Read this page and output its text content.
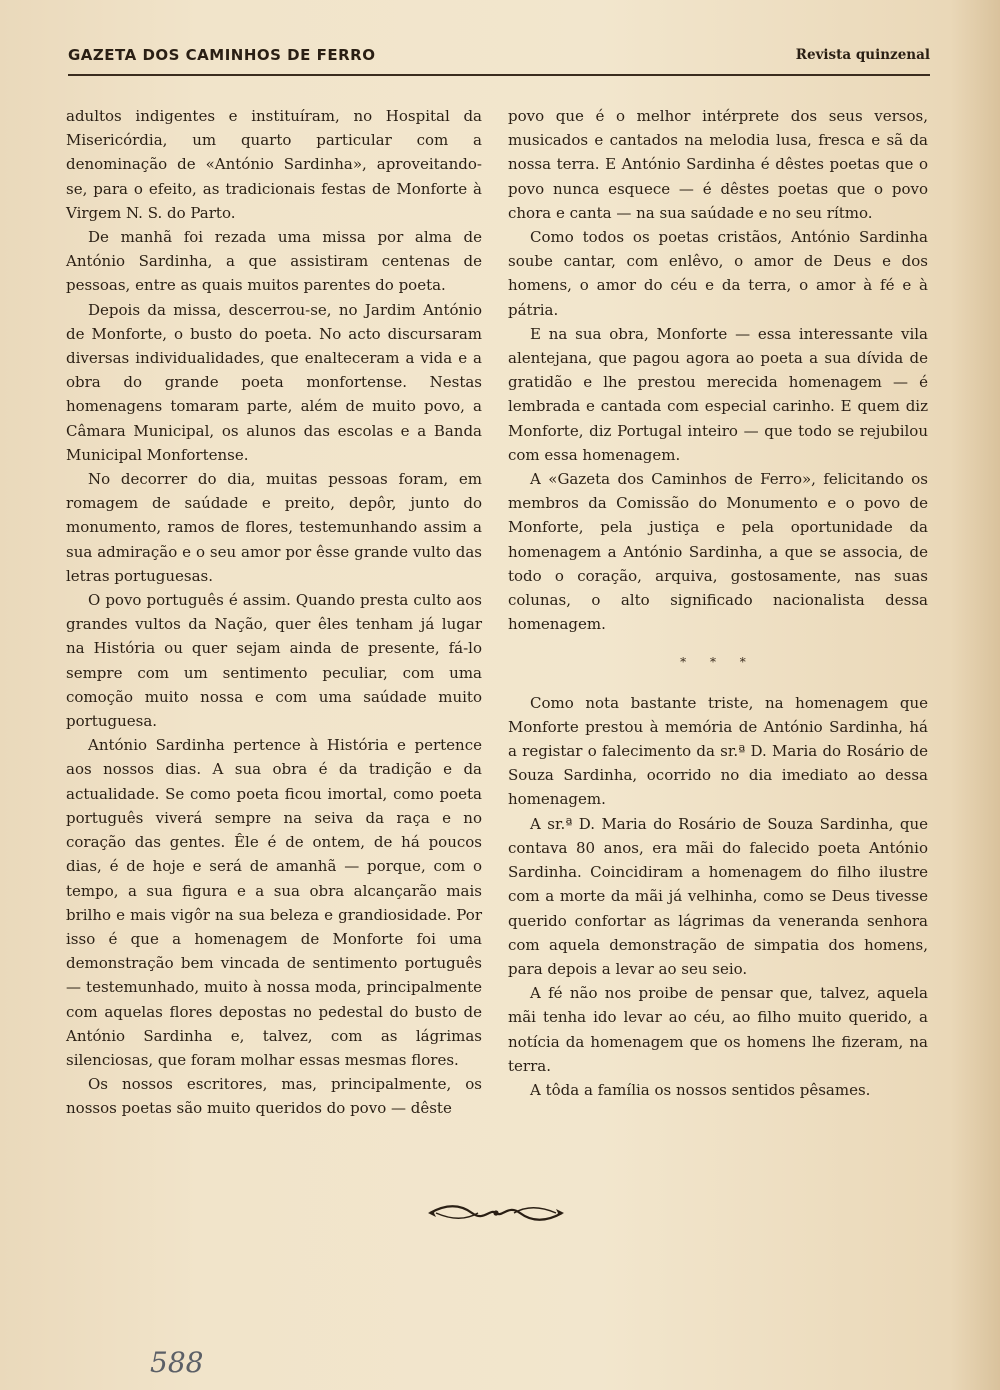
GAZETA DOS CAMINHOS DE FERRO	Revista quinzenal

adultos indigentes e instituíram, no Hospital da Misericórdia, um quarto particular com a denominação de «António Sardinha», aproveitando-se, para o efeito, as tradicionais festas de Monforte à Virgem N. S. do Parto.

De manhã foi rezada uma missa por alma de António Sardinha, a que assistiram centenas de pessoas, entre as quais muitos parentes do poeta.

Depois da missa, descerrou-se, no Jardim António de Monforte, o busto do poeta. No acto discursaram diversas individualidades, que enalteceram a vida e a obra do grande poeta monfortense. Nestas homenagens tomaram parte, além de muito povo, a Câmara Municipal, os alunos das escolas e a Banda Municipal Monfortense.

No decorrer do dia, muitas pessoas foram, em romagem de saúdade e preito, depôr, junto do monumento, ramos de flores, testemunhando assim a sua admiração e o seu amor por êsse grande vulto das letras portuguesas.

O povo português é assim. Quando presta culto aos grandes vultos da Nação, quer êles tenham já lugar na História ou quer sejam ainda de presente, fá-lo sempre com um sentimento peculiar, com uma comoção muito nossa e com uma saúdade muito portuguesa.

António Sardinha pertence à História e pertence aos nossos dias. A sua obra é da tradição e da actualidade. Se como poeta ficou imortal, como poeta português viverá sempre na seiva da raça e no coração das gentes. Êle é de ontem, de há poucos dias, é de hoje e será de amanhã — porque, com o tempo, a sua figura e a sua obra alcançarão mais brilho e mais vigôr na sua beleza e grandiosidade. Por isso é que a homenagem de Monforte foi uma demonstração bem vincada de sentimento português — testemunhado, muito à nossa moda, principalmente com aquelas flores depostas no pedestal do busto de António Sardinha e, talvez, com as lágrimas silenciosas, que foram molhar essas mesmas flores.

Os nossos escritores, mas, principalmente, os nossos poetas são muito queridos do povo — dêste

povo que é o melhor intérprete dos seus versos, musicados e cantados na melodia lusa, fresca e sã da nossa terra. E António Sardinha é dêstes poetas que o povo nunca esquece — é dêstes poetas que o povo chora e canta — na sua saúdade e no seu rítmo.

Como todos os poetas cristãos, António Sardinha soube cantar, com enlêvo, o amor de Deus e dos homens, o amor do céu e da terra, o amor à fé e à pátria.

E na sua obra, Monforte — essa interessante vila alentejana, que pagou agora ao poeta a sua dívida de gratidão e lhe prestou merecida homenagem — é lembrada e cantada com especial carinho. E quem diz Monforte, diz Portugal inteiro — que todo se rejubilou com essa homenagem.

A «Gazeta dos Caminhos de Ferro», felicitando os membros da Comissão do Monumento e o povo de Monforte, pela justiça e pela oportunidade da homenagem a António Sardinha, a que se associa, de todo o coração, arquiva, gostosamente, nas suas colunas, o alto significado nacionalista dessa homenagem.

* * *

Como nota bastante triste, na homenagem que Monforte prestou à memória de António Sardinha, há a registar o falecimento da sr.ª D. Maria do Rosário de Souza Sardinha, ocorrido no dia imediato ao dessa homenagem.

A sr.ª D. Maria do Rosário de Souza Sardinha, que contava 80 anos, era mãi do falecido poeta António Sardinha. Coincidiram a homenagem do filho ilustre com a morte da mãi já velhinha, como se Deus tivesse querido confortar as lágrimas da veneranda senhora com aquela demonstração de simpatia dos homens, para depois a levar ao seu seio.

A fé não nos proibe de pensar que, talvez, aquela mãi tenha ido levar ao céu, ao filho muito querido, a notícia da homenagem que os homens lhe fizeram, na terra.

A tôda a família os nossos sentidos pêsames.

588
